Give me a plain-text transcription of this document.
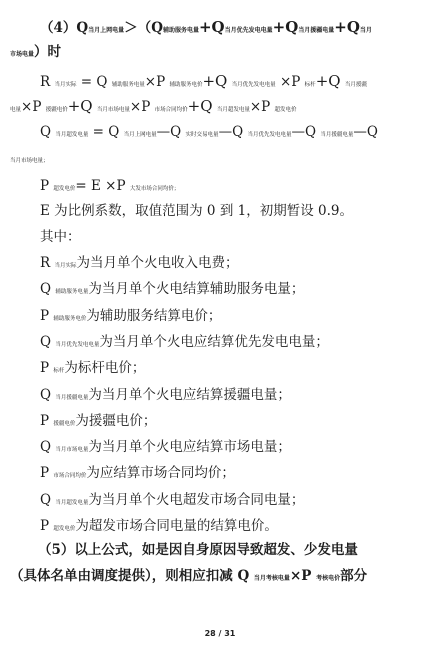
（4）Q当月上网电量＞（Q辅助服务电量+Q当月优先发电电量+Q当月援疆电量+Q当月
市场电量）时
R 当月实际 = Q 辅助服务电量×P 辅助服务电价+Q 当月优先发电电量 ×P 标杆+Q 当月援疆
电量×P 援疆电价+Q 当月市场电量×P 市场合同均价+Q 当月超发电量×P 超发电价
Q 当月超发电量 = Q 当月上网电量—Q 实时交易电量—Q 当月优先发电电量—Q 当月援疆电量—Q
当月市场电量；
P 超发电价= E ×P 大发市场合同均价；
E 为比例系数，取值范围为 0 到 1，初期暂设 0.9。
其中：
R 当月实际为当月单个火电收入电费；
Q 辅助服务电量为当月单个火电结算辅助服务电量；
P 辅助服务电价为辅助服务结算电价；
Q 当月优先发电电量为当月单个火电应结算优先发电电量；
P 标杆为标杆电价；
Q 当月援疆电量为当月单个火电应结算援疆电量；
P 援疆电价为援疆电价；
Q 当月市场电量为当月单个火电应结算市场电量；
P 市场合同均价为应结算市场合同均价；
Q 当月超发电量为当月单个火电超发市场合同电量；
P 超发电价为超发市场合同电量的结算电价。
（5）以上公式，如是因自身原因导致超发、少发电量
（具体名单由调度提供），则相应扣减 Q 当月考核电量×P 考核电价部分
28 / 31
